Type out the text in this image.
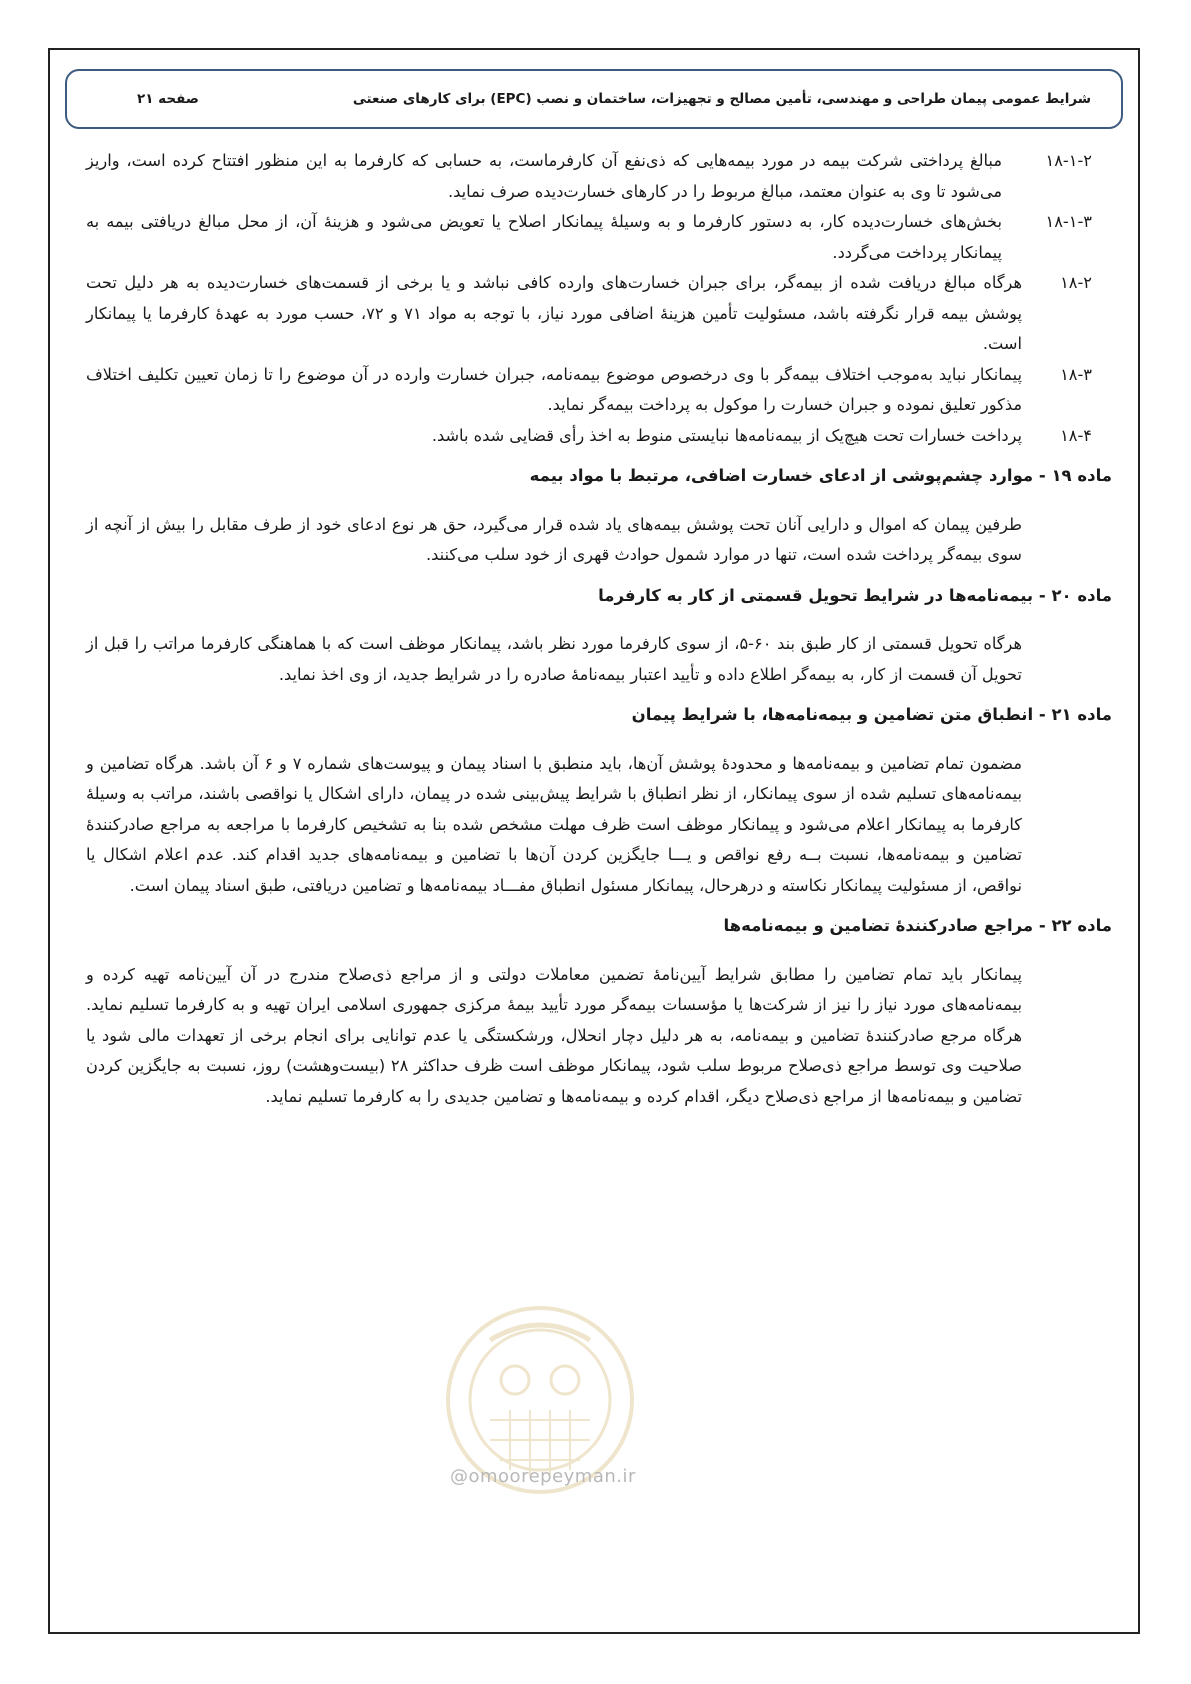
شرایط عمومی پیمان طراحی و مهندسی، تأمین مصالح و تجهیزات، ساختمان و نصب (EPC) برای کارهای صنعتی
صفحه ۲۱
@omoorepeyman.ir
۱۸-۱-۲
مبالغ پرداختی شرکت بیمه در مورد بیمه‌هایی که ذی‌نفع آن کارفرماست، به حسابی که کارفرما به این منظور افتتاح کرده است، واریز می‌شود تا وی به عنوان معتمد، مبالغ مربوط را در کارهای خسارت‌دیده صرف نماید.
۱۸-۱-۳
بخش‌های خسارت‌دیده کار، به دستور کارفرما و به وسیلهٔ پیمانکار اصلاح یا تعویض می‌شود و هزینهٔ آن، از محل مبالغ دریافتی بیمه به پیمانکار پرداخت می‌گردد.
۱۸-۲
هرگاه مبالغ دریافت شده از بیمه‌گر، برای جبران خسارت‌های وارده کافی نباشد و یا برخی از قسمت‌های خسارت‌دیده به هر دلیل تحت پوشش بیمه قرار نگرفته باشد، مسئولیت تأمین هزینهٔ اضافی مورد نیاز، با توجه به مواد ۷۱ و ۷۲، حسب مورد به عهدهٔ کارفرما یا پیمانکار است.
۱۸-۳
پیمانکار نباید به‌موجب اختلاف بیمه‌گر با وی درخصوص موضوع بیمه‌نامه، جبران خسارت وارده در آن موضوع را تا زمان تعیین تکلیف اختلاف مذکور تعلیق نموده و جبران خسارت را موکول به پرداخت بیمه‌گر نماید.
۱۸-۴
پرداخت خسارات تحت هیچ‌یک از بیمه‌نامه‌ها نبایستی منوط به اخذ رأی قضایی شده باشد.
ماده ۱۹ - موارد چشم‌پوشی از ادعای خسارت اضافی، مرتبط با مواد بیمه
طرفین پیمان که اموال و دارایی آنان تحت پوشش بیمه‌های یاد شده قرار می‌گیرد، حق هر نوع ادعای خود از طرف مقابل را بیش از آنچه از سوی بیمه‌گر پرداخت شده است، تنها در موارد شمول حوادث قهری از خود سلب می‌کنند.
ماده ۲۰ - بیمه‌نامه‌ها در شرایط تحویل قسمتی از کار به کارفرما
هرگاه تحویل قسمتی از کار طبق بند ۶۰-۵، از سوی کارفرما مورد نظر باشد، پیمانکار موظف است که با هماهنگی کارفرما مراتب را قبل از تحویل آن قسمت از کار، به بیمه‌گر اطلاع داده و تأیید اعتبار بیمه‌نامهٔ صادره را در شرایط جدید، از وی اخذ نماید.
ماده ۲۱ - انطباق متن تضامین و بیمه‌نامه‌ها، با شرایط پیمان
مضمون تمام تضامین و بیمه‌نامه‌ها و محدودهٔ پوشش آن‌ها، باید منطبق با اسناد پیمان و پیوست‌های شماره ۷ و ۶ آن باشد. هرگاه تضامین و بیمه‌نامه‌های تسلیم شده از سوی پیمانکار، از نظر انطباق با شرایط پیش‌بینی شده در پیمان، دارای اشکال یا نواقصی باشند، مراتب به وسیلهٔ کارفرما به پیمانکار اعلام می‌شود و پیمانکار موظف است ظرف مهلت مشخص شده بنا به تشخیص کارفرما با مراجعه به مراجع صادرکنندهٔ تضامین و بیمه‌نامه‌ها، نسبت بــه رفع نواقص و یـــا جایگزین کردن آن‌ها با تضامین و بیمه‌نامه‌های جدید اقدام کند. عدم اعلام اشکال یا نواقص، از مسئولیت پیمانکار نکاسته و درهرحال، پیمانکار مسئول انطباق مفـــاد بیمه‌نامه‌ها و تضامین دریافتی، طبق اسناد پیمان است.
ماده ۲۲ - مراجع صادرکنندهٔ تضامین و بیمه‌نامه‌ها
پیمانکار باید تمام تضامین را مطابق شرایط آیین‌نامهٔ تضمین معاملات دولتی و از مراجع ذی‌صلاح مندرج در آن آیین‌نامه تهیه کرده و بیمه‌نامه‌های مورد نیاز را نیز از شرکت‌ها یا مؤسسات بیمه‌گر مورد تأیید بیمهٔ مرکزی جمهوری اسلامی ایران تهیه و به کارفرما تسلیم نماید. هرگاه مرجع صادرکنندهٔ تضامین و بیمه‌نامه، به هر دلیل دچار انحلال، ورشکستگی یا عدم توانایی برای انجام برخی از تعهدات مالی شود یا صلاحیت وی توسط مراجع ذی‌صلاح مربوط سلب شود، پیمانکار موظف است ظرف حداکثر ۲۸ (بیست‌وهشت) روز، نسبت به جایگزین کردن تضامین و بیمه‌نامه‌ها از مراجع ذی‌صلاح دیگر، اقدام کرده و بیمه‌نامه‌ها و تضامین جدیدی را به کارفرما تسلیم نماید.
